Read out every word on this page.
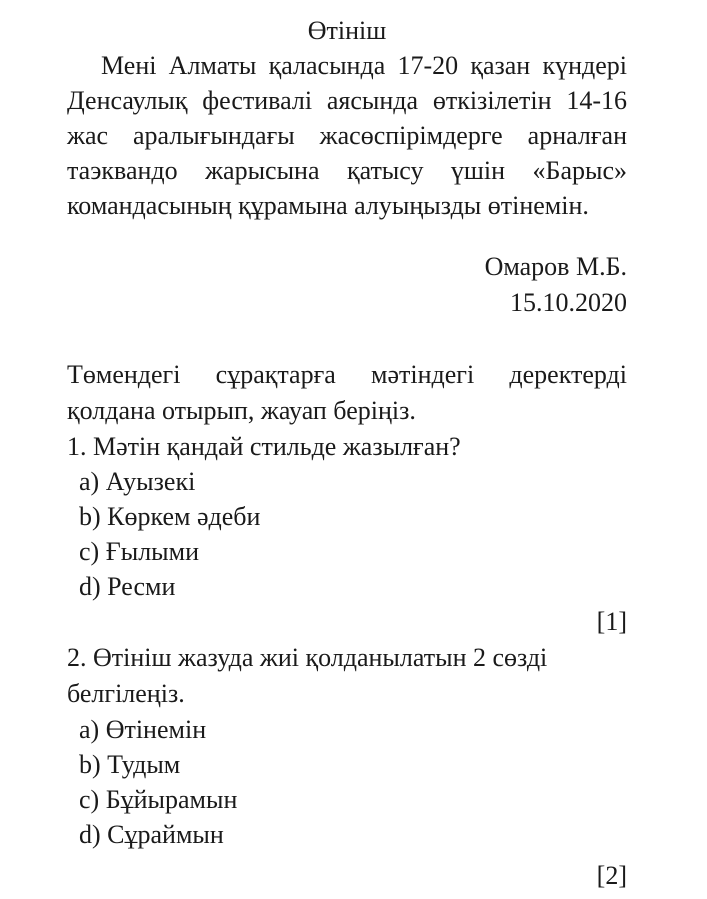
Өтініш

Мені Алматы қаласында 17-20 қазан күндері Денсаулық фестивалі аясында өткізілетін 14-16 жас аралығындағы жасөспірімдерге арналған таэквандо жарысына қатысу үшін «Барыс» командасының құрамына алуыңызды өтінемін.

Омаров М.Б.
15.10.2020

Төмендегі сұрақтарға мәтіндегі деректерді қолдана отырып, жауап беріңіз.

1. Мәтін қандай стильде жазылған?

a) Ауызекі
b) Көркем әдеби
c) Ғылыми
d) Ресми
[1]

2. Өтініш жазуда жиі қолданылатын 2 сөзді белгілеңіз.

a) Өтінемін
b) Тудым
c) Бұйырамын
d) Сұраймын
[2]
